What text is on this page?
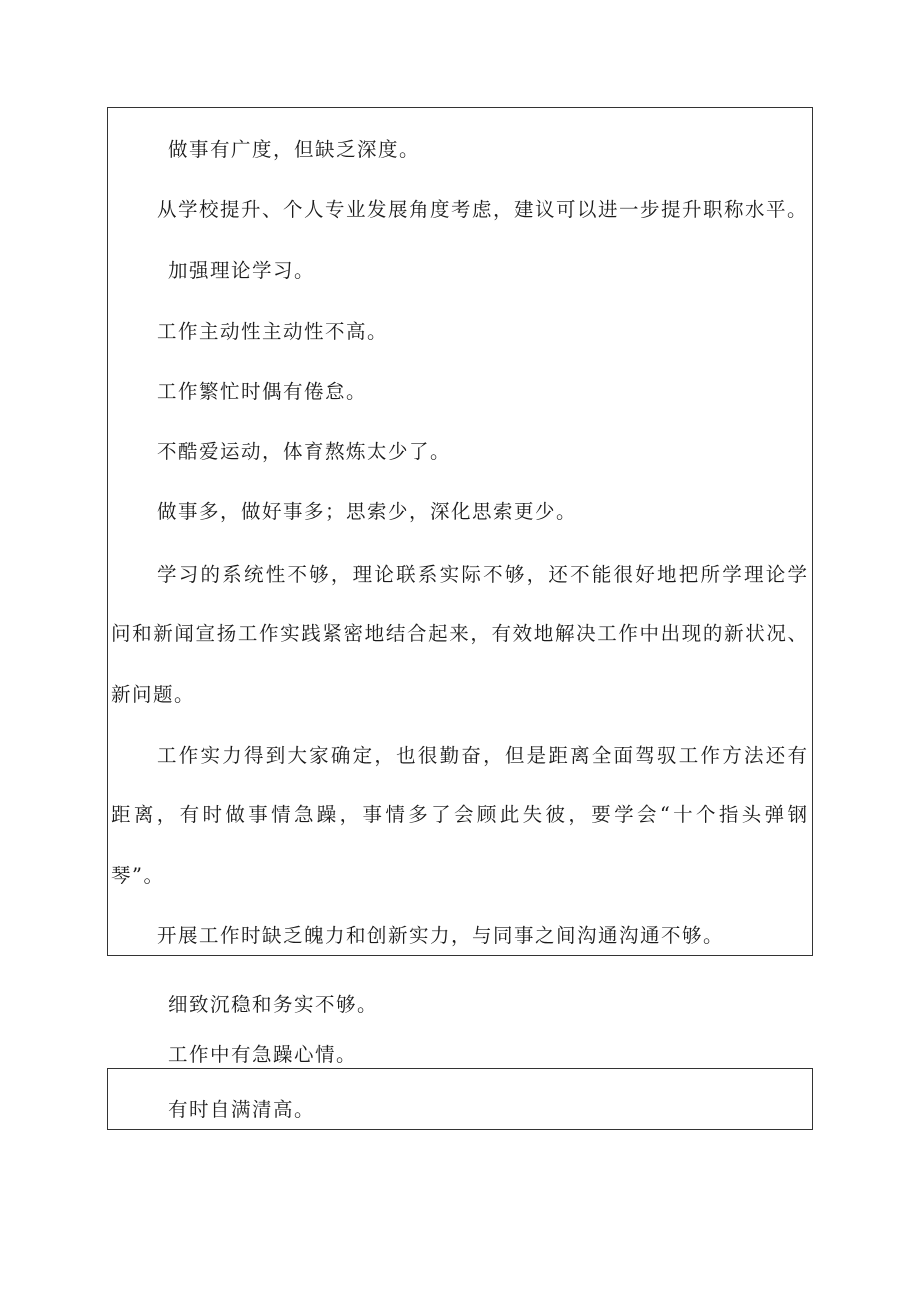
做事有广度，但缺乏深度。
从学校提升、个人专业发展角度考虑，建议可以进一步提升职称水平。
加强理论学习。
工作主动性主动性不高。
工作繁忙时偶有倦怠。
不酷爱运动，体育熬炼太少了。
做事多，做好事多；思索少，深化思索更少。
学习的系统性不够，理论联系实际不够，还不能很好地把所学理论学
问和新闻宣扬工作实践紧密地结合起来，有效地解决工作中出现的新状况、
新问题。
工作实力得到大家确定，也很勤奋，但是距离全面驾驭工作方法还有
距离，有时做事情急躁，事情多了会顾此失彼，要学会“十个指头弹钢
琴”。
开展工作时缺乏魄力和创新实力，与同事之间沟通沟通不够。
细致沉稳和务实不够。
工作中有急躁心情。
有时自满清高。
